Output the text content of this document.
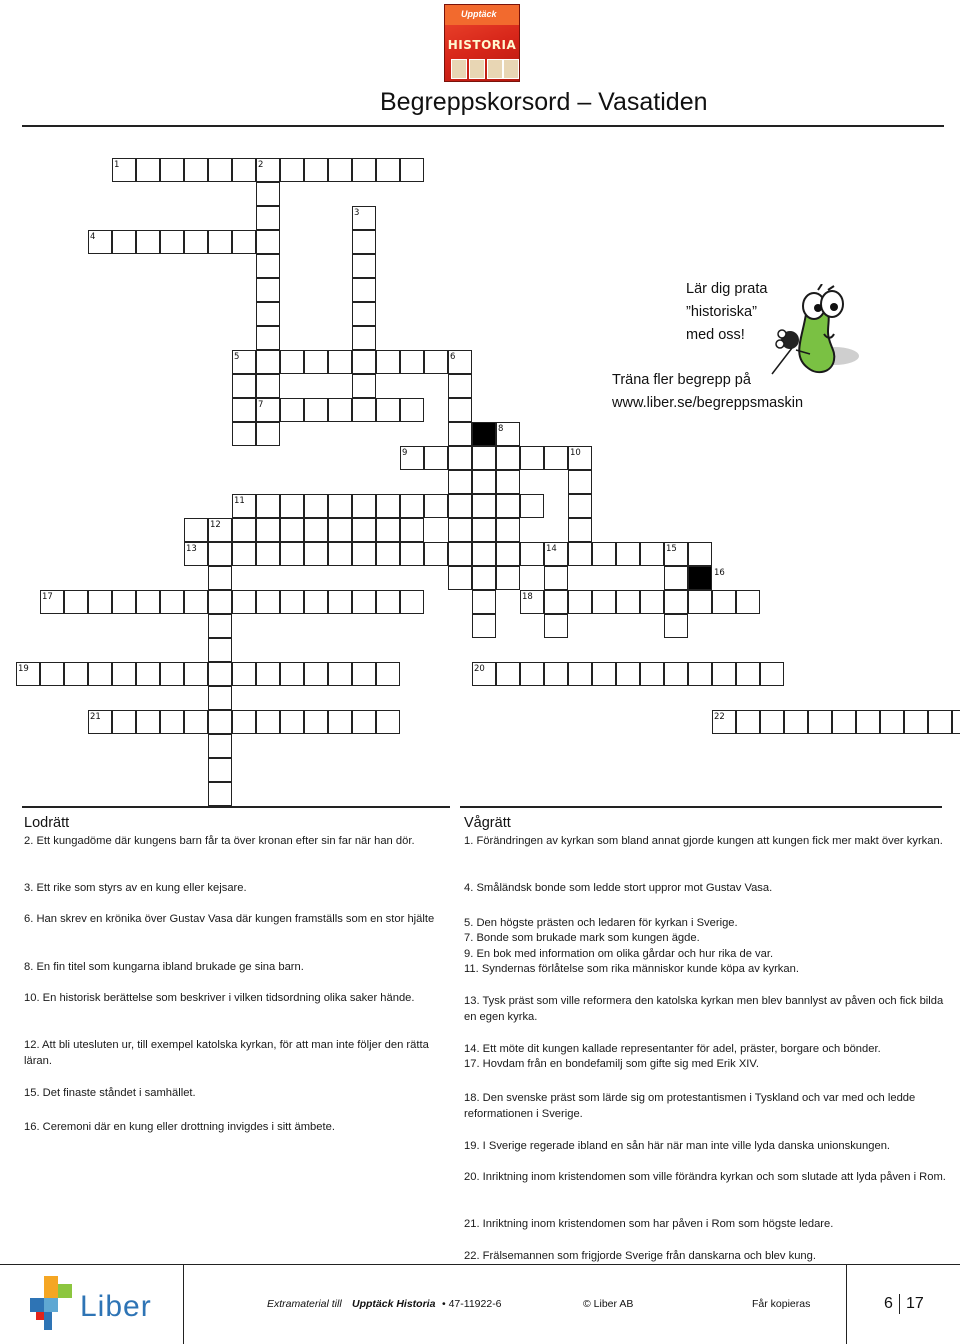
Upptäck
HISTORIA
Begreppskorsord – Vasatiden
1	2
3
4
5	6
7
8
9	10
11
12
13	14	15
16
17	18
19	20
21	22
Lär dig prata
”historiska”
med oss!
Träna fler begrepp på
www.liber.se/begreppsmaskin
Lodrätt
2. Ett kungadöme där kungens barn får ta över kronan efter sin far när han dör.
3. Ett rike som styrs av en kung eller kejsare.
6. Han skrev en krönika över Gustav Vasa där kungen framställs som en stor hjälte
8. En fin titel som kungarna ibland brukade ge sina barn.
10. En historisk berättelse som beskriver i vilken tidsordning olika saker hände.
12. Att bli utesluten ur, till exempel katolska kyrkan, för att man inte följer den rätta läran.
15. Det finaste ståndet i samhället.
16. Ceremoni där en kung eller drottning invigdes i sitt ämbete.
Vågrätt
1. Förändringen av kyrkan som bland annat gjorde kungen att kungen fick mer makt över kyrkan.
4. Småländsk bonde som ledde stort uppror mot Gustav Vasa.
5. Den högste prästen och ledaren för kyrkan i Sverige.
7. Bonde som brukade mark som kungen ägde.
9. En bok med information om olika gårdar och hur rika de var.
11. Syndernas förlåtelse som rika människor kunde köpa av kyrkan.
13. Tysk präst som ville reformera den katolska kyrkan men blev bannlyst av påven och fick bilda en egen kyrka.
14. Ett möte dit kungen kallade representanter för adel, präster, borgare och bönder.
17. Hovdam från en bondefamilj som gifte sig med Erik XIV.
18. Den svenske präst som lärde sig om protestantismen i Tyskland och var med och ledde reformationen i Sverige.
19. I Sverige regerade ibland en sån här när man inte ville lyda danska unionskungen.
20. Inriktning inom kristendomen som ville förändra kyrkan och som slutade att lyda påven i Rom.
21. Inriktning inom kristendomen som har påven i Rom som högste ledare.
22. Frälsemannen som frigjorde Sverige från danskarna och blev kung.
Liber	Extramaterial till Upptäck Historia • 47-11922-6	© Liber AB	Får kopieras	6 17
